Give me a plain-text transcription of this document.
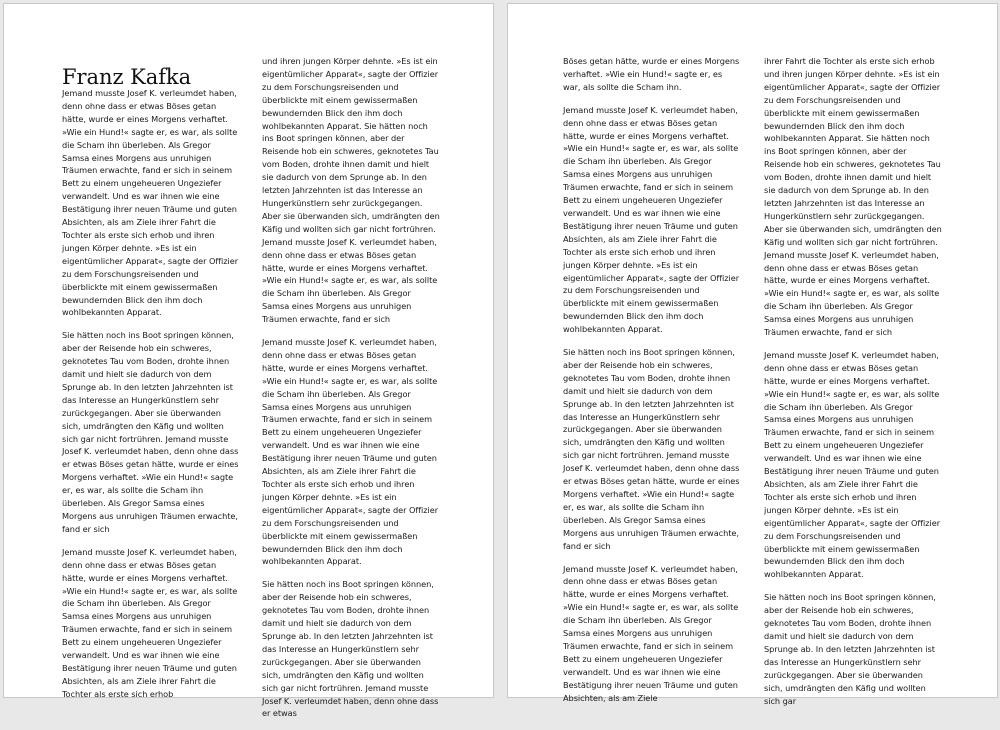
Franz Kafka

Jemand musste Josef K. verleumdet haben, denn ohne dass er etwas Böses getan hätte, wurde er eines Morgens verhaftet. »Wie ein Hund!« sagte er, es war, als sollte die Scham ihn überleben. Als Gregor Samsa eines Morgens aus unruhigen Träumen erwachte, fand er sich in seinem Bett zu einem ungeheueren Ungeziefer verwandelt. Und es war ihnen wie eine Bestätigung ihrer neuen Träume und guten Absichten, als am Ziele ihrer Fahrt die Tochter als erste sich erhob und ihren jungen Körper dehnte. »Es ist ein eigentümlicher Apparat«, sagte der Offizier zu dem Forschungsreisenden und überblickte mit einem gewissermaßen bewundernden Blick den ihm doch wohlbekannten Apparat.

Sie hätten noch ins Boot springen können, aber der Reisende hob ein schweres, geknotetes Tau vom Boden, drohte ihnen damit und hielt sie dadurch von dem Sprunge ab. In den letzten Jahrzehnten ist das Interesse an Hungerkünstlern sehr zurückgegangen. Aber sie überwanden sich, umdrängten den Käfig und wollten sich gar nicht fortrühren. Jemand musste Josef K. verleumdet haben, denn ohne dass er etwas Böses getan hätte, wurde er eines Morgens verhaftet. »Wie ein Hund!« sagte er, es war, als sollte die Scham ihn überleben. Als Gregor Samsa eines Morgens aus unruhigen Träumen erwachte, fand er sich

Jemand musste Josef K. verleumdet haben, denn ohne dass er etwas Böses getan hätte, wurde er eines Morgens verhaftet. »Wie ein Hund!« sagte er, es war, als sollte die Scham ihn überleben. Als Gregor Samsa eines Morgens aus unruhigen Träumen erwachte, fand er sich in seinem Bett zu einem ungeheueren Ungeziefer verwandelt. Und es war ihnen wie eine Bestätigung ihrer neuen Träume und guten Absichten, als am Ziele ihrer Fahrt die Tochter als erste sich erhob

und ihren jungen Körper dehnte. »Es ist ein eigentümlicher Apparat«, sagte der Offizier zu dem Forschungsreisenden und überblickte mit einem gewissermaßen bewundernden Blick den ihm doch wohlbekannten Apparat. Sie hätten noch ins Boot springen können, aber der Reisende hob ein schweres, geknotetes Tau vom Boden, drohte ihnen damit und hielt sie dadurch von dem Sprunge ab. In den letzten Jahrzehnten ist das Interesse an Hungerkünstlern sehr zurückgegangen. Aber sie überwanden sich, umdrängten den Käfig und wollten sich gar nicht fortrühren. Jemand musste Josef K. verleumdet haben, denn ohne dass er etwas Böses getan hätte, wurde er eines Morgens verhaftet. »Wie ein Hund!« sagte er, es war, als sollte die Scham ihn überleben. Als Gregor Samsa eines Morgens aus unruhigen Träumen erwachte, fand er sich

Jemand musste Josef K. verleumdet haben, denn ohne dass er etwas Böses getan hätte, wurde er eines Morgens verhaftet. »Wie ein Hund!« sagte er, es war, als sollte die Scham ihn überleben. Als Gregor Samsa eines Morgens aus unruhigen Träumen erwachte, fand er sich in seinem Bett zu einem ungeheueren Ungeziefer verwandelt. Und es war ihnen wie eine Bestätigung ihrer neuen Träume und guten Absichten, als am Ziele ihrer Fahrt die Tochter als erste sich erhob und ihren jungen Körper dehnte. »Es ist ein eigentümlicher Apparat«, sagte der Offizier zu dem Forschungsreisenden und überblickte mit einem gewissermaßen bewundernden Blick den ihm doch wohlbekannten Apparat.

Sie hätten noch ins Boot springen können, aber der Reisende hob ein schweres, geknotetes Tau vom Boden, drohte ihnen damit und hielt sie dadurch von dem Sprunge ab. In den letzten Jahrzehnten ist das Interesse an Hungerkünstlern sehr zurückgegangen. Aber sie überwanden sich, umdrängten den Käfig und wollten sich gar nicht fortrühren. Jemand musste Josef K. verleumdet haben, denn ohne dass er etwas

Böses getan hätte, wurde er eines Morgens verhaftet. »Wie ein Hund!« sagte er, es war, als sollte die Scham ihn.

Jemand musste Josef K. verleumdet haben, denn ohne dass er etwas Böses getan hätte, wurde er eines Morgens verhaftet. »Wie ein Hund!« sagte er, es war, als sollte die Scham ihn überleben. Als Gregor Samsa eines Morgens aus unruhigen Träumen erwachte, fand er sich in seinem Bett zu einem ungeheueren Ungeziefer verwandelt. Und es war ihnen wie eine Bestätigung ihrer neuen Träume und guten Absichten, als am Ziele ihrer Fahrt die Tochter als erste sich erhob und ihren jungen Körper dehnte. »Es ist ein eigentümlicher Apparat«, sagte der Offizier zu dem Forschungsreisenden und überblickte mit einem gewissermaßen bewundernden Blick den ihm doch wohlbekannten Apparat.

Sie hätten noch ins Boot springen können, aber der Reisende hob ein schweres, geknotetes Tau vom Boden, drohte ihnen damit und hielt sie dadurch von dem Sprunge ab. In den letzten Jahrzehnten ist das Interesse an Hungerkünstlern sehr zurückgegangen. Aber sie überwanden sich, umdrängten den Käfig und wollten sich gar nicht fortrühren. Jemand musste Josef K. verleumdet haben, denn ohne dass er etwas Böses getan hätte, wurde er eines Morgens verhaftet. »Wie ein Hund!« sagte er, es war, als sollte die Scham ihn überleben. Als Gregor Samsa eines Morgens aus unruhigen Träumen erwachte, fand er sich

Jemand musste Josef K. verleumdet haben, denn ohne dass er etwas Böses getan hätte, wurde er eines Morgens verhaftet. »Wie ein Hund!« sagte er, es war, als sollte die Scham ihn überleben. Als Gregor Samsa eines Morgens aus unruhigen Träumen erwachte, fand er sich in seinem Bett zu einem ungeheueren Ungeziefer verwandelt. Und es war ihnen wie eine Bestätigung ihrer neuen Träume und guten Absichten, als am Ziele

ihrer Fahrt die Tochter als erste sich erhob und ihren jungen Körper dehnte. »Es ist ein eigentümlicher Apparat«, sagte der Offizier zu dem Forschungsreisenden und überblickte mit einem gewissermaßen bewundernden Blick den ihm doch wohlbekannten Apparat. Sie hätten noch ins Boot springen können, aber der Reisende hob ein schweres, geknotetes Tau vom Boden, drohte ihnen damit und hielt sie dadurch von dem Sprunge ab. In den letzten Jahrzehnten ist das Interesse an Hungerkünstlern sehr zurückgegangen. Aber sie überwanden sich, umdrängten den Käfig und wollten sich gar nicht fortrühren. Jemand musste Josef K. verleumdet haben, denn ohne dass er etwas Böses getan hätte, wurde er eines Morgens verhaftet. »Wie ein Hund!« sagte er, es war, als sollte die Scham ihn überleben. Als Gregor Samsa eines Morgens aus unruhigen Träumen erwachte, fand er sich

Jemand musste Josef K. verleumdet haben, denn ohne dass er etwas Böses getan hätte, wurde er eines Morgens verhaftet. »Wie ein Hund!« sagte er, es war, als sollte die Scham ihn überleben. Als Gregor Samsa eines Morgens aus unruhigen Träumen erwachte, fand er sich in seinem Bett zu einem ungeheueren Ungeziefer verwandelt. Und es war ihnen wie eine Bestätigung ihrer neuen Träume und guten Absichten, als am Ziele ihrer Fahrt die Tochter als erste sich erhob und ihren jungen Körper dehnte. »Es ist ein eigentümlicher Apparat«, sagte der Offizier zu dem Forschungsreisenden und überblickte mit einem gewissermaßen bewundernden Blick den ihm doch wohlbekannten Apparat.

Sie hätten noch ins Boot springen können, aber der Reisende hob ein schweres, geknotetes Tau vom Boden, drohte ihnen damit und hielt sie dadurch von dem Sprunge ab. In den letzten Jahrzehnten ist das Interesse an Hungerkünstlern sehr zurückgegangen. Aber sie überwanden sich, umdrängten den Käfig und wollten sich gar
